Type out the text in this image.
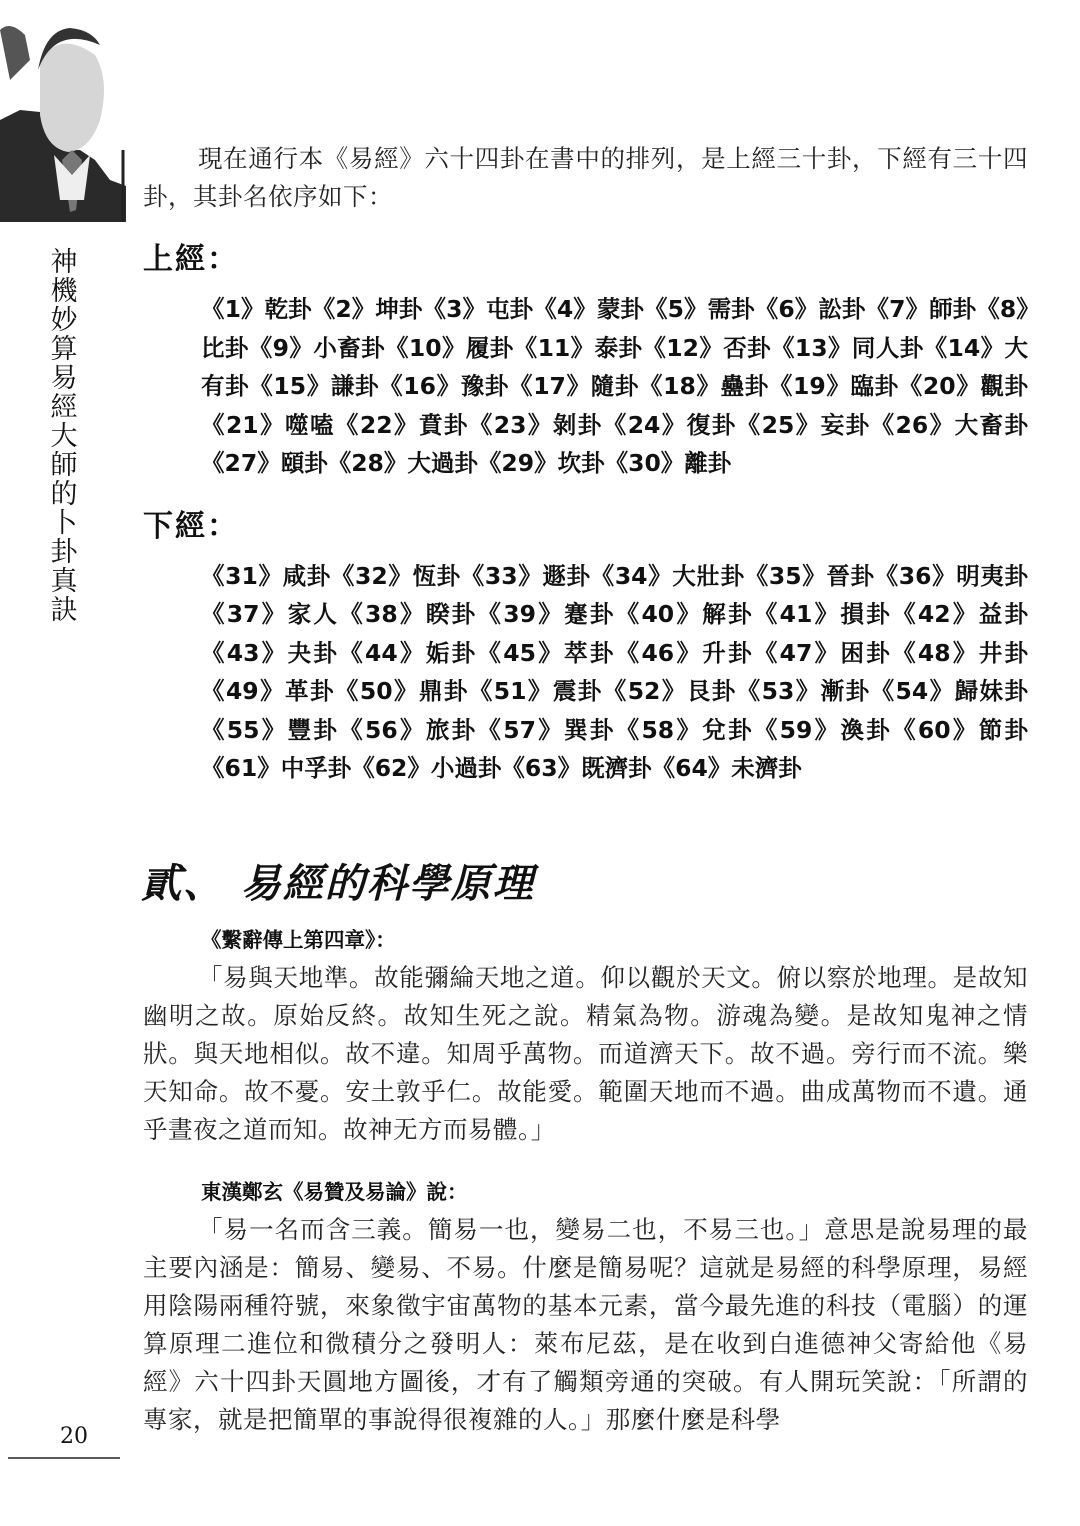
神
機
妙
算
易
經
大
師
的
卜
卦
真
訣

現在通行本《易經》六十四卦在書中的排列，是上經三十卦，下經有三十四卦，其卦名依序如下：

上經：

《1》乾卦《2》坤卦《3》屯卦《4》蒙卦《5》需卦《6》訟卦《7》師卦《8》比卦《9》小畜卦《10》履卦《11》泰卦《12》否卦《13》同人卦《14》大有卦《15》謙卦《16》豫卦《17》隨卦《18》蠱卦《19》臨卦《20》觀卦《21》噬嗑《22》賁卦《23》剝卦《24》復卦《25》妄卦《26》大畜卦《27》頤卦《28》大過卦《29》坎卦《30》離卦

下經：

《31》咸卦《32》恆卦《33》遯卦《34》大壯卦《35》晉卦《36》明夷卦《37》家人《38》睽卦《39》蹇卦《40》解卦《41》損卦《42》益卦《43》夬卦《44》姤卦《45》萃卦《46》升卦《47》困卦《48》井卦《49》革卦《50》鼎卦《51》震卦《52》艮卦《53》漸卦《54》歸妹卦《55》豐卦《56》旅卦《57》巽卦《58》兌卦《59》渙卦《60》節卦《61》中孚卦《62》小過卦《63》既濟卦《64》未濟卦

貳、 易經的科學原理
《繫辭傳上第四章》：

「易與天地準。故能彌綸天地之道。仰以觀於天文。俯以察於地理。是故知幽明之故。原始反終。故知生死之說。精氣為物。游魂為變。是故知鬼神之情狀。與天地相似。故不違。知周乎萬物。而道濟天下。故不過。旁行而不流。樂天知命。故不憂。安土敦乎仁。故能愛。範圍天地而不過。曲成萬物而不遺。通乎晝夜之道而知。故神无方而易體。」

東漢鄭玄《易贊及易論》說：

「易一名而含三義。簡易一也，變易二也，不易三也。」意思是說易理的最主要內涵是：簡易、變易、不易。什麼是簡易呢？這就是易經的科學原理，易經用陰陽兩種符號，來象徵宇宙萬物的基本元素，當今最先進的科技（電腦）的運算原理二進位和微積分之發明人：萊布尼茲，是在收到白進德神父寄給他《易經》六十四卦天圓地方圖後，才有了觸類旁通的突破。有人開玩笑說：「所謂的專家，就是把簡單的事說得很複雜的人。」那麼什麼是科學

20
